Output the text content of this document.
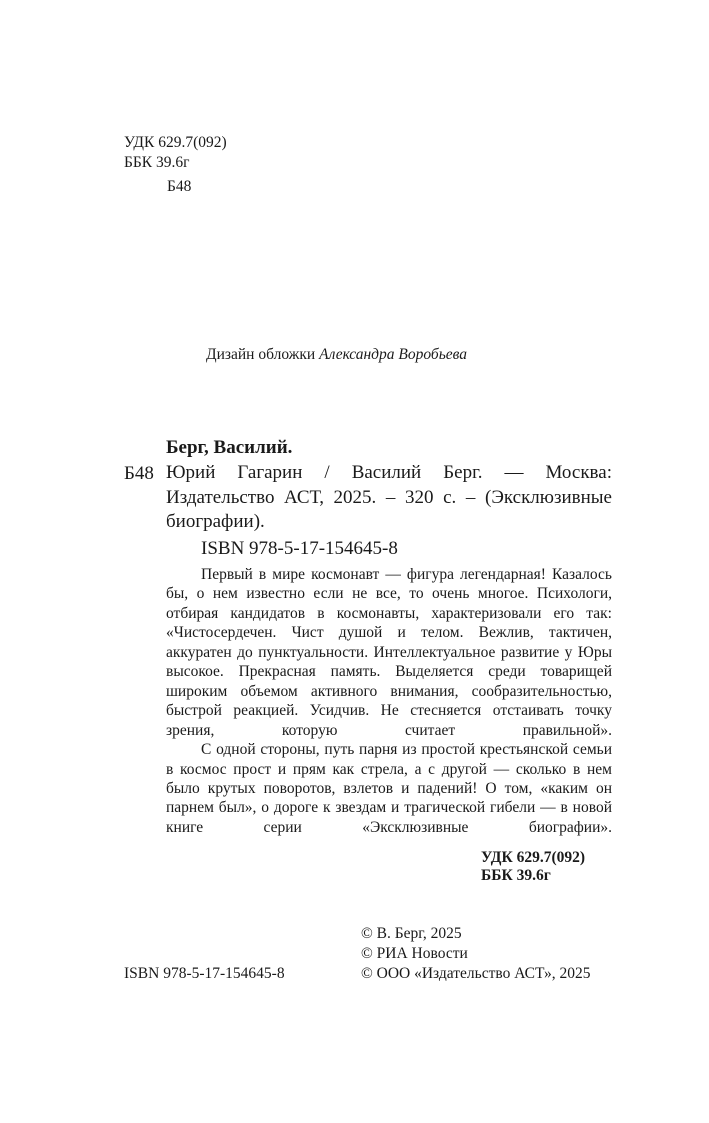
УДК 629.7(092)
ББК 39.6г
Б48
Дизайн обложки Александра Воробьева
Берг, Василий.
Б48 Юрий Гагарин / Василий Берг. — Москва: Издательство АСТ, 2025. – 320 с. – (Эксклюзивные биографии).
ISBN 978-5-17-154645-8

Первый в мире космонавт — фигура легендарная! Казалось бы, о нем известно если не все, то очень многое. Психологи, отбирая кандидатов в космонавты, характеризовали его так: «Чистосердечен. Чист душой и телом. Вежлив, тактичен, аккуратен до пунктуальности. Интеллектуальное развитие у Юры высокое. Прекрасная память. Выделяется среди товарищей широким объемом активного внимания, сообразительностью, быстрой реакцией. Усидчив. Не стесняется отстаивать точку зрения, которую считает правильной».

С одной стороны, путь парня из простой крестьянской семьи в космос прост и прям как стрела, а с другой — сколько в нем было крутых поворотов, взлетов и падений! О том, «каким он парнем был», о дороге к звездам и трагической гибели — в новой книге серии «Эксклюзивные биографии».

УДК 629.7(092)
ББК 39.6г
ISBN 978-5-17-154645-8
© В. Берг, 2025
© РИА Новости
© ООО «Издательство АСТ», 2025
